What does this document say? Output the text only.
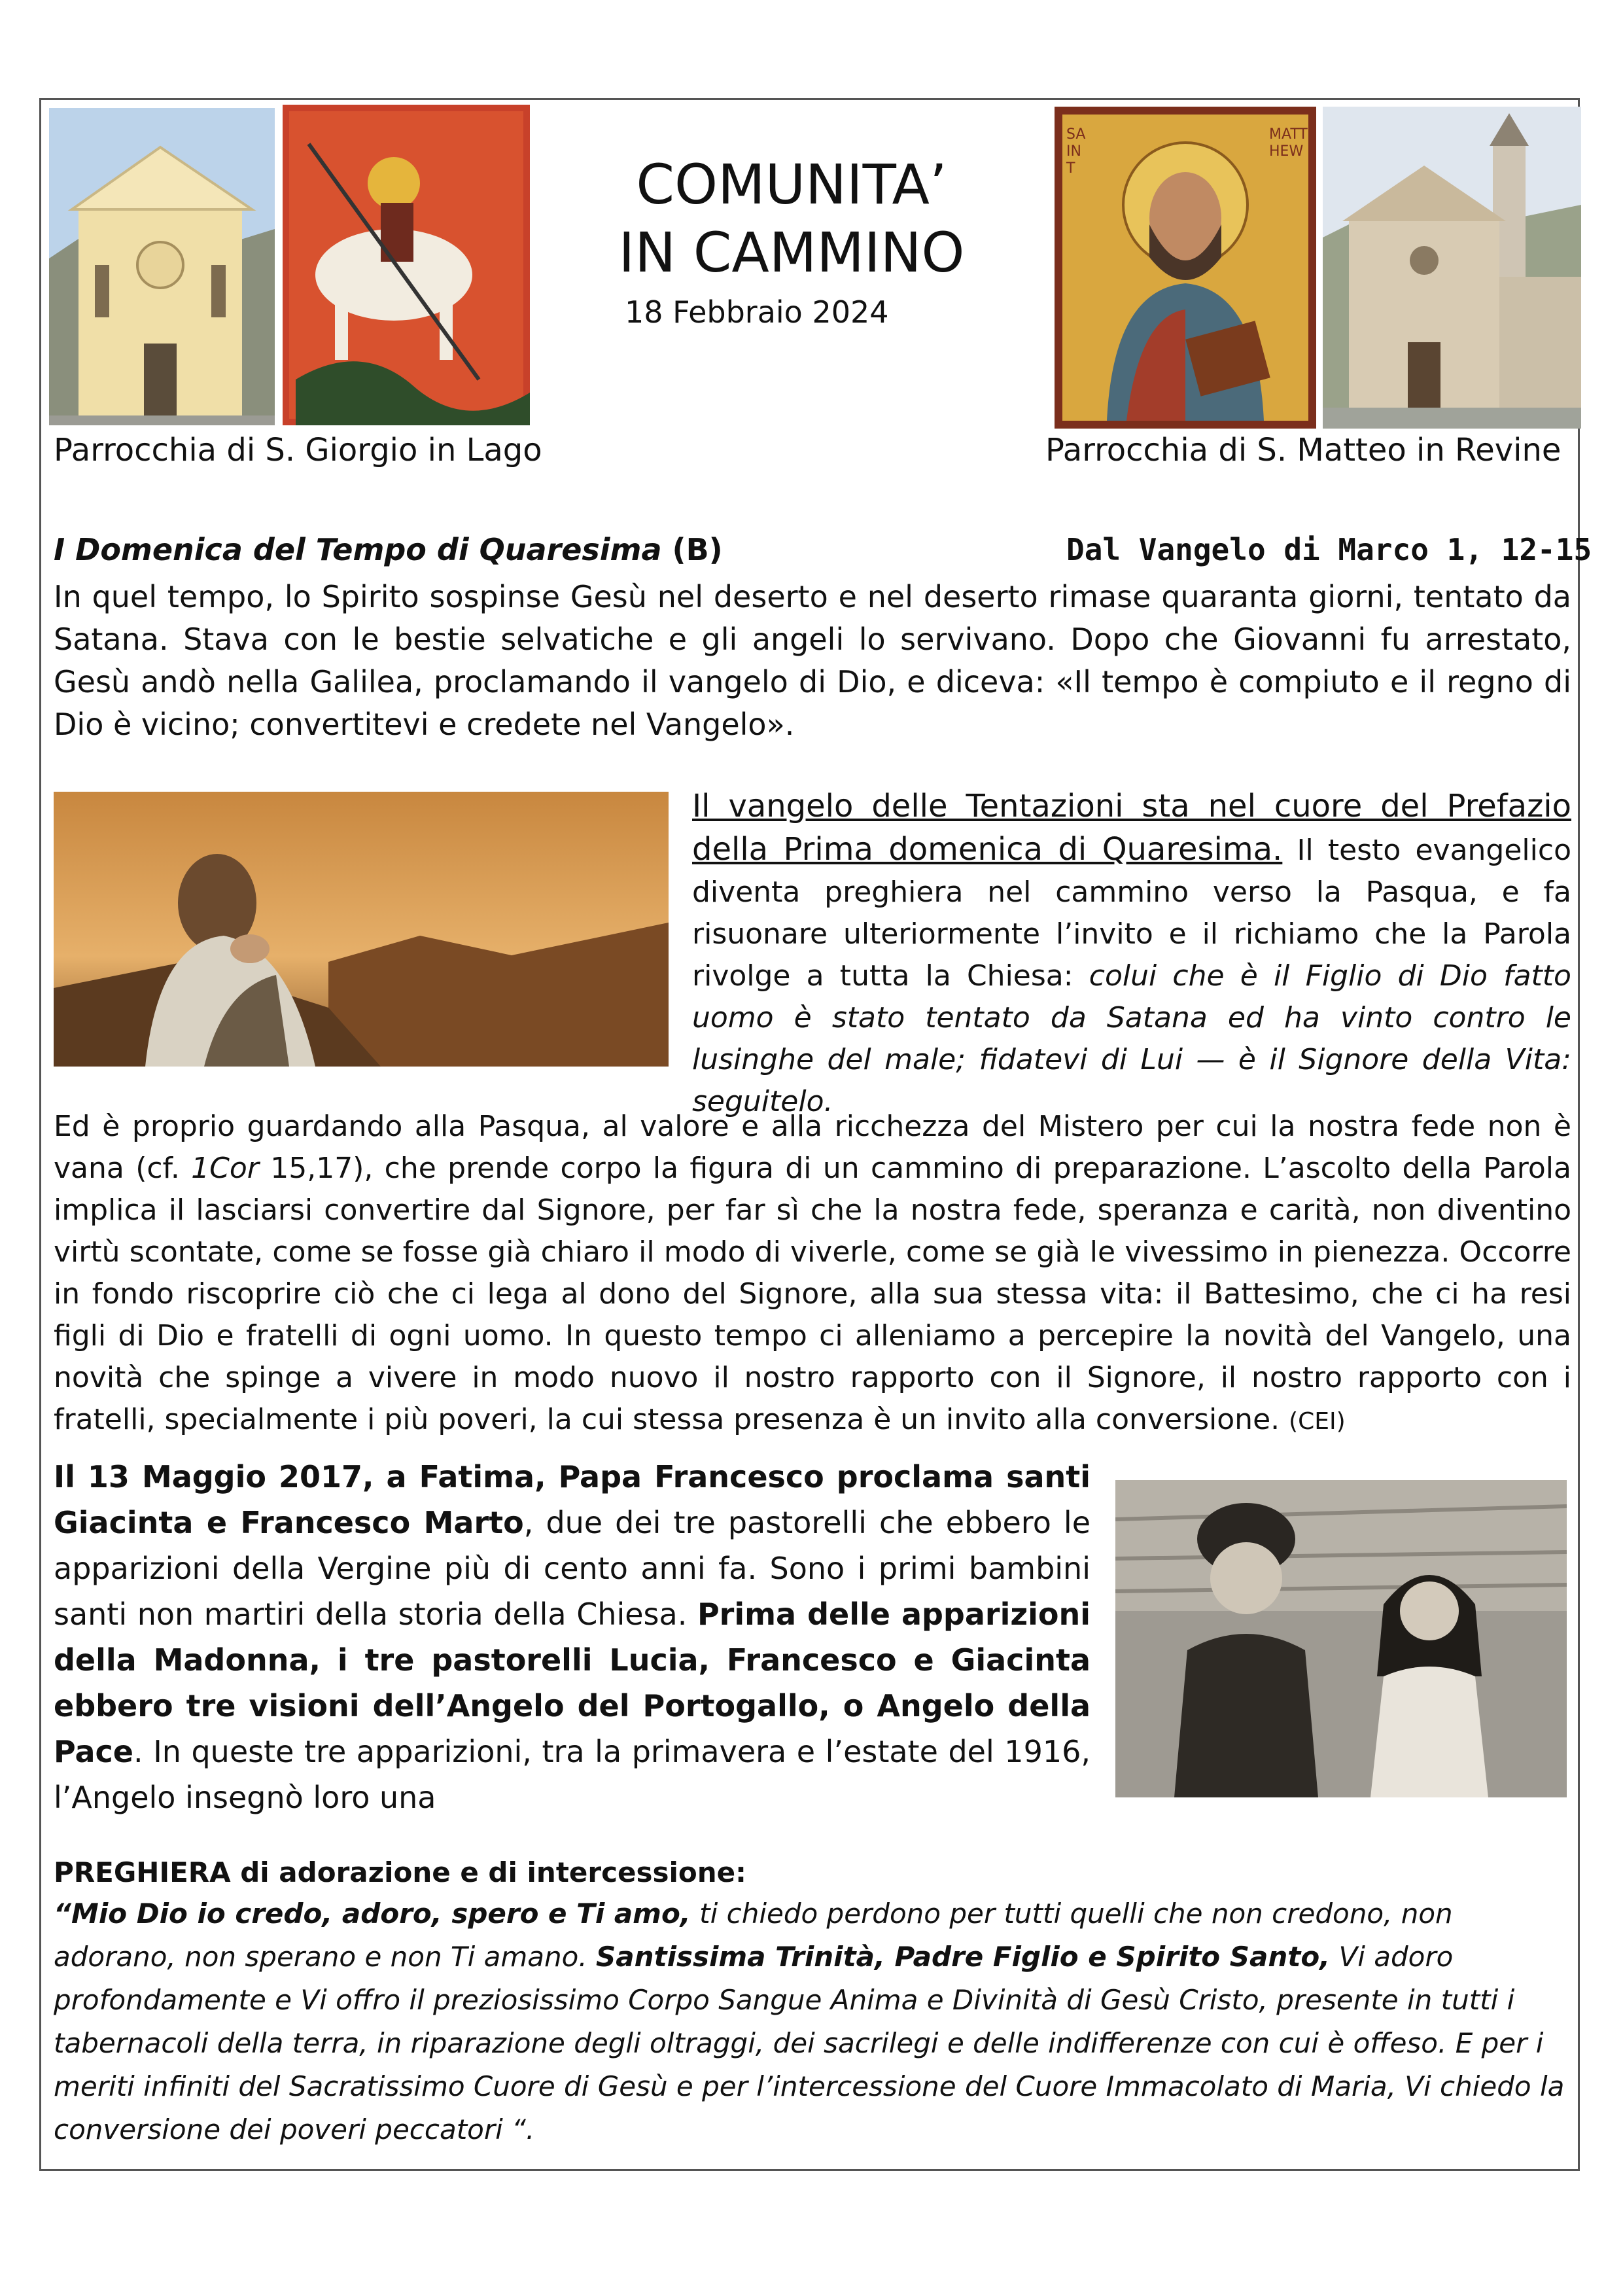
COMUNITA’
IN CAMMINO
18 Febbraio 2024
SAINT
MATTHEW
Parrocchia di S. Giorgio in Lago	Parrocchia di S. Matteo in Revine
I Domenica del Tempo di Quaresima (B)	Dal Vangelo di Marco 1, 12-15
In quel tempo, lo Spirito sospinse Gesù nel deserto e nel deserto rimase quaranta giorni, tentato da Satana. Stava con le bestie selvatiche e gli angeli lo servivano. Dopo che Giovanni fu arrestato, Gesù andò nella Galilea, proclamando il vangelo di Dio, e diceva: «Il tempo è compiuto e il regno di Dio è vicino; convertitevi e credete nel Vangelo».
Il vangelo delle Tentazioni sta nel cuore del Prefazio della Prima domenica di Quaresima. Il testo evangelico diventa preghiera nel cammino verso la Pasqua, e fa risuonare ulteriormente l’invito e il richiamo che la Parola rivolge a tutta la Chiesa: colui che è il Figlio di Dio fatto uomo è stato tentato da Satana ed ha vinto contro le lusinghe del male; fidatevi di Lui — è il Signore della Vita: seguitelo.
Ed è proprio guardando alla Pasqua, al valore e alla ricchezza del Mistero per cui la nostra fede non è vana (cf. 1Cor 15,17), che prende corpo la figura di un cammino di preparazione. L’ascolto della Parola implica il lasciarsi convertire dal Signore, per far sì che la nostra fede, speranza e carità, non diventino virtù scontate, come se fosse già chiaro il modo di viverle, come se già le vivessimo in pienezza. Occorre in fondo riscoprire ciò che ci lega al dono del Signore, alla sua stessa vita: il Battesimo, che ci ha resi figli di Dio e fratelli di ogni uomo. In questo tempo ci alleniamo a percepire la novità del Vangelo, una novità che spinge a vivere in modo nuovo il nostro rapporto con il Signore, il nostro rapporto con i fratelli, specialmente i più poveri, la cui stessa presenza è un invito alla conversione. (CEI)
Il 13 Maggio 2017, a Fatima, Papa Francesco proclama santi Giacinta e Francesco Marto, due dei tre pastorelli che ebbero le apparizioni della Vergine più di cento anni fa. Sono i primi bambini santi non martiri della storia della Chiesa. Prima delle apparizioni della Madonna, i tre pastorelli Lucia, Francesco e Giacinta ebbero tre visioni dell’Angelo del Portogallo, o Angelo della Pace. In queste tre apparizioni, tra la primavera e l’estate del 1916, l’Angelo insegnò loro una
PREGHIERA di adorazione e di intercessione:
“Mio Dio io credo, adoro, spero e Ti amo, ti chiedo perdono per tutti quelli che non credono, non adorano, non sperano e non Ti amano. Santissima Trinità, Padre Figlio e Spirito Santo, Vi adoro profondamente e Vi offro il preziosissimo Corpo Sangue Anima e Divinità di Gesù Cristo, presente in tutti i tabernacoli della terra, in riparazione degli oltraggi, dei sacrilegi e delle indifferenze con cui è offeso. E per i meriti infiniti del Sacratissimo Cuore di Gesù e per l’intercessione del Cuore Immacolato di Maria, Vi chiedo la conversione dei poveri peccatori “.
